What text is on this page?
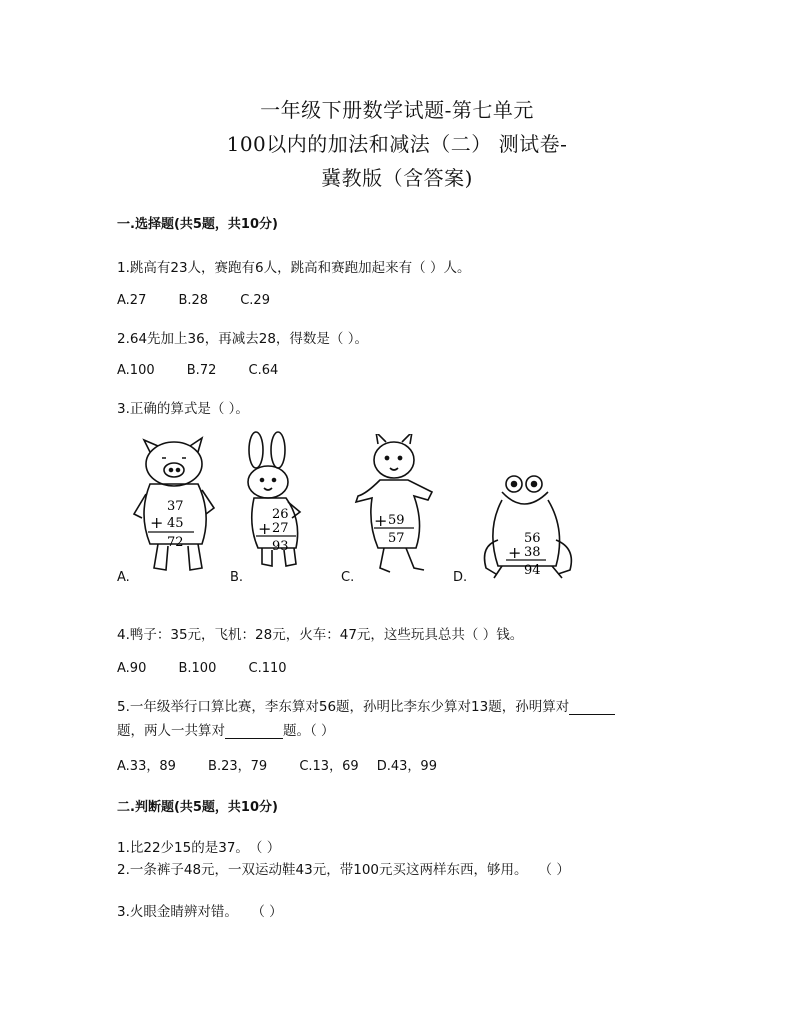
一年级下册数学试题-第七单元
100以内的加法和减法（二） 测试卷-
冀教版（含答案)
一.选择题(共5题，共10分)
1.跳高有23人，赛跑有6人，跳高和赛跑加起来有（ ）人。
A.27 B.28 C.29
2.64先加上36，再减去28，得数是（ ）。
A.100 B.72 C.64
3.正确的算式是（ ）。
37
+ 45
72
A.
26
+ 27
93
B.
+ 59
57
C.
56
+ 38
94
D.
4.鸭子：35元，飞机：28元，火车：47元，这些玩具总共（ ）钱。
A.90 B.100 C.110
5.一年级举行口算比赛，李东算对56题，孙明比李东少算对13题，孙明算对
题，两人一共算对	题。（ ）
A.33，89 B.23，79 C.13，69 D.43，99
二.判断题(共5题，共10分)
1.比22少15的是37。　（ ）
2.一条裤子48元，一双运动鞋43元，带100元买这两样东西，够用。　 （ ）
3.火眼金睛辨对错。　　（ ）
